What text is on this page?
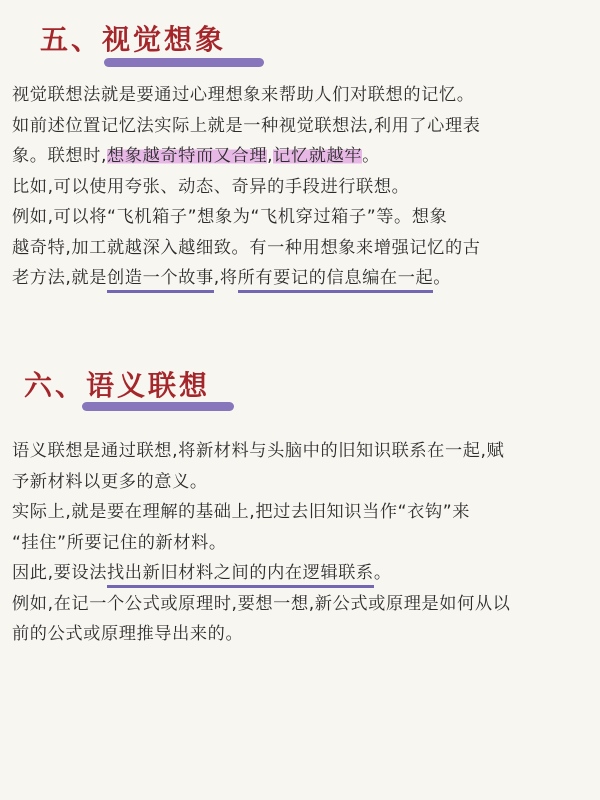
五、视觉想象
视觉联想法就是要通过心理想象来帮助人们对联想的记忆。
如前述位置记忆法实际上就是一种视觉联想法,利用了心理表
象。联想时,想象越奇特而又合理,记忆就越牢。
比如,可以使用夸张、动态、奇异的手段进行联想。
例如,可以将“飞机箱子”想象为“飞机穿过箱子”等。想象
越奇特,加工就越深入越细致。有一种用想象来增强记忆的古
老方法,就是创造一个故事,将所有要记的信息编在一起。
六、语义联想
语义联想是通过联想,将新材料与头脑中的旧知识联系在一起,赋
予新材料以更多的意义。
实际上,就是要在理解的基础上,把过去旧知识当作“衣钩”来
“挂住”所要记住的新材料。
因此,要设法找出新旧材料之间的内在逻辑联系。
例如,在记一个公式或原理时,要想一想,新公式或原理是如何从以
前的公式或原理推导出来的。
